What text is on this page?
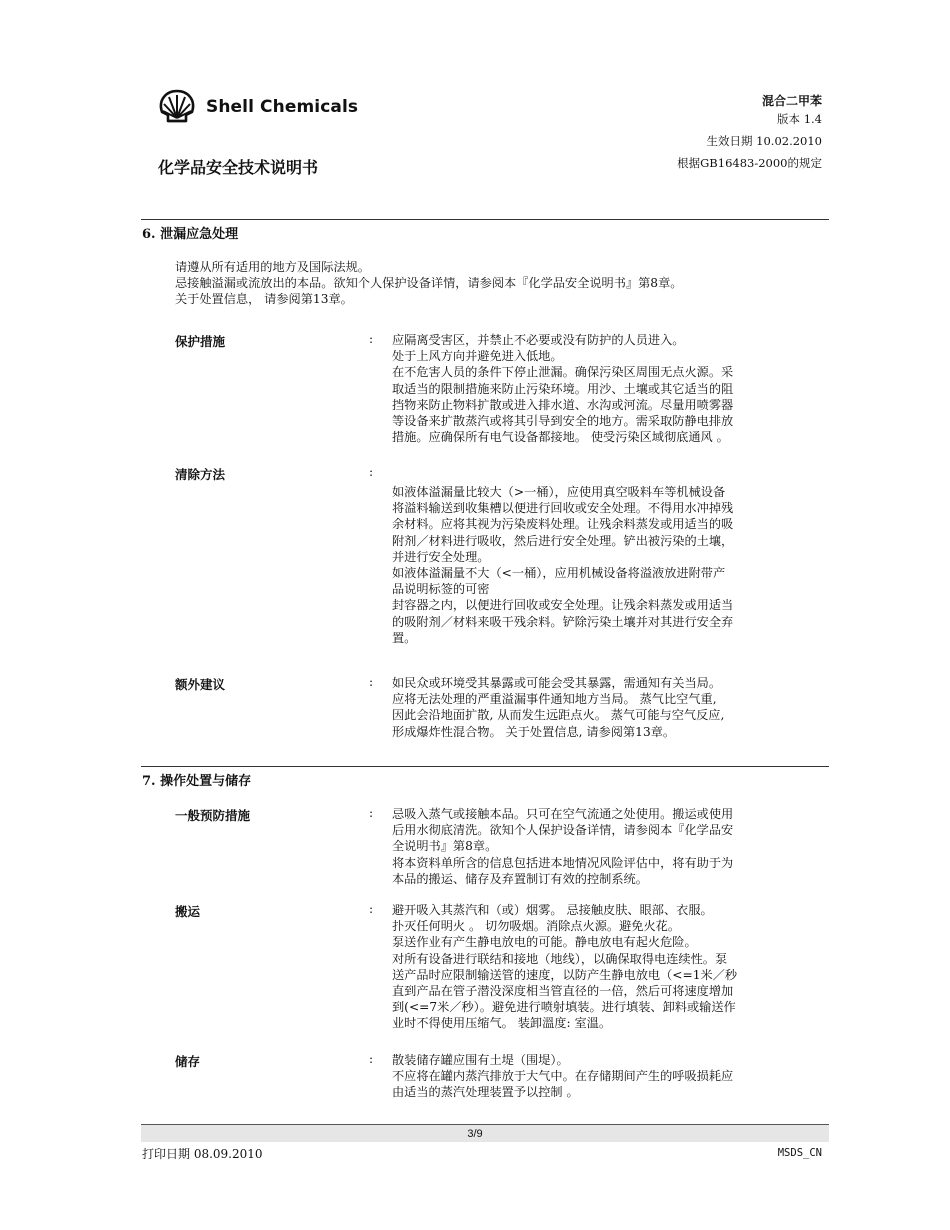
Shell Chemicals
化学品安全技术说明书
混合二甲苯
版本 1.4
生效日期 10.02.2010
根据GB16483-2000的规定
6. 泄漏应急处理
请遵从所有适用的地方及国际法规。
忌接触溢漏或流放出的本品。欲知个人保护设备详情，请参阅本『化学品安全说明书』第8章。
关于处置信息， 请参阅第13章。
保护措施	: 应隔离受害区，并禁止不必要或没有防护的人员进入。
处于上风方向并避免进入低地。
在不危害人员的条件下停止泄漏。确保污染区周围无点火源。采
取适当的限制措施来防止污染环境。用沙、土壤或其它适当的阻
挡物来防止物料扩散或进入排水道、水沟或河流。尽量用喷雾器
等设备来扩散蒸汽或将其引导到安全的地方。需采取防静电排放
措施。应确保所有电气设备都接地。 使受污染区域彻底通风 。
清除方法	:
如液体溢漏量比较大（>一桶），应使用真空吸料车等机械设备
将溢料输送到收集槽以便进行回收或安全处理。不得用水冲掉残
余材料。应将其视为污染废料处理。让残余料蒸发或用适当的吸
附剂／材料进行吸收，然后进行安全处理。铲出被污染的土壤，
并进行安全处理。
如液体溢漏量不大（<一桶），应用机械设备将溢液放进附带产
品说明标签的可密
封容器之内，以便进行回收或安全处理。让残余料蒸发或用适当
的吸附剂／材料来吸干残余料。铲除污染土壤并对其进行安全弃
置。
额外建议	: 如民众或环境受其暴露或可能会受其暴露，需通知有关当局。
应将无法处理的严重溢漏事件通知地方当局。 蒸气比空气重,
因此会沿地面扩散, 从而发生远距点火。 蒸气可能与空气反应,
形成爆炸性混合物。 关于处置信息, 请参阅第13章。
7. 操作处置与储存
一般预防措施	: 忌吸入蒸气或接触本品。只可在空气流通之处使用。搬运或使用
后用水彻底清洗。欲知个人保护设备详情，请参阅本『化学品安
全说明书』第8章。
将本资料单所含的信息包括进本地情况风险评估中，将有助于为
本品的搬运、储存及弃置制订有效的控制系统。
搬运	: 避开吸入其蒸汽和（或）烟雾。 忌接触皮肤、眼部、衣服。
扑灭任何明火 。 切勿吸烟。消除点火源。避免火花。
泵送作业有产生静电放电的可能。静电放电有起火危险。
对所有设备进行联结和接地（地线），以确保取得电连续性。泵
送产品时应限制输送管的速度，以防产生静电放电（<=1米／秒
直到产品在管子潜没深度相当管直径的一倍，然后可将速度增加
到(<=7米／秒）。避免进行喷射填装。进行填装、卸料或输送作
业时不得使用压缩气。 装卸溫度: 室溫。
储存	: 散装储存罐应围有土堤（围堤）。
不应将在罐内蒸汽排放于大气中。在存储期间产生的呼吸损耗应
由适当的蒸汽处理装置予以控制 。
3/9
打印日期 08.09.2010	MSDS_CN
